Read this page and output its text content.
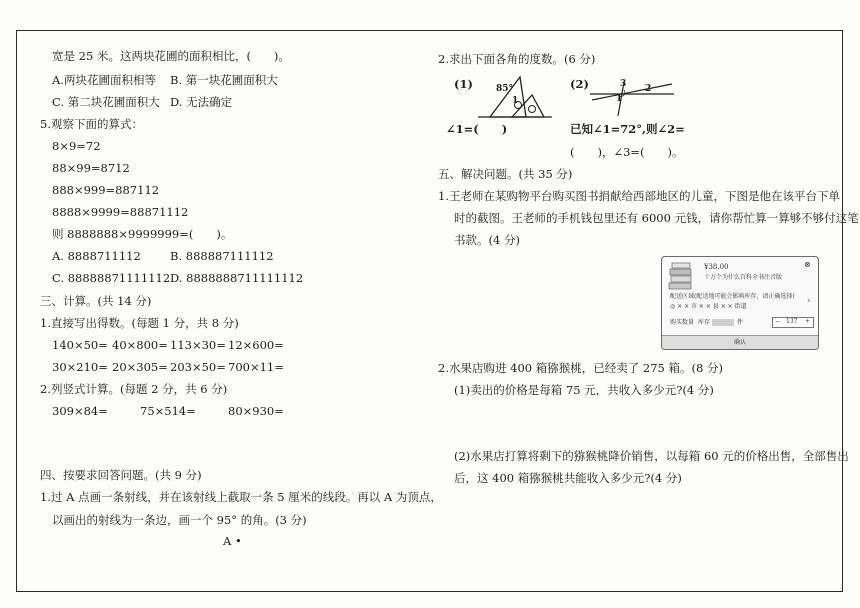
宽是 25 米。这两块花圃的面积相比，(　　)。
A.两块花圃面积相等 B. 第一块花圃面积大
C. 第二块花圃面积大 D. 无法确定
5.观察下面的算式：
8×9=72
88×99=8712
888×999=887112
8888×9999=88871112
则 8888888×9999999=(　　)。
A. 8888711112	B. 888887111112
C. 88888871111112 D. 8888888711111112
三、计算。(共 14 分)
1.直接写出得数。(每题 1 分，共 8 分)
140×50= 40×800= 113×30= 12×600=
30×210= 20×305= 203×50= 700×11=
2.列竖式计算。(每题 2 分，共 6 分)
309×84=	75×514=	80×930=
四、按要求回答问题。(共 9 分)
1.过 A 点画一条射线，并在该射线上截取一条 5 厘米的线段。再以 A 为顶点，
以画出的射线为一条边，画一个 95° 的角。(3 分)
A •
2.求出下面各角的度数。(6 分)
(1)	85°
1
∠1=(　　)
(2)	3 2
1
已知∠1=72°,则∠2=
(　　)，∠3=(　　)。
五、解决问题。(共 35 分)
1.王老师在某购物平台购买图书捐献给西部地区的儿童，下图是他在该平台下单
时的截图。王老师的手机钱包里还有 6000 元钱，请你帮忙算一算够不够付这笔
书款。(4 分)
¥38.00
十万个为什么百科全书注音版
⊗
配送区域(配送地可能会影响库存，请正确选择)
◎ × × 市 × × 县 × × 街道
›
购买数量 库存	件	− 137 +
确认
2.水果店购进 400 箱猕猴桃，已经卖了 275 箱。(8 分)
(1)卖出的价格是每箱 75 元，共收入多少元?(4 分)
(2)水果店打算将剩下的猕猴桃降价销售，以每箱 60 元的价格出售，全部售出
后，这 400 箱猕猴桃共能收入多少元?(4 分)
